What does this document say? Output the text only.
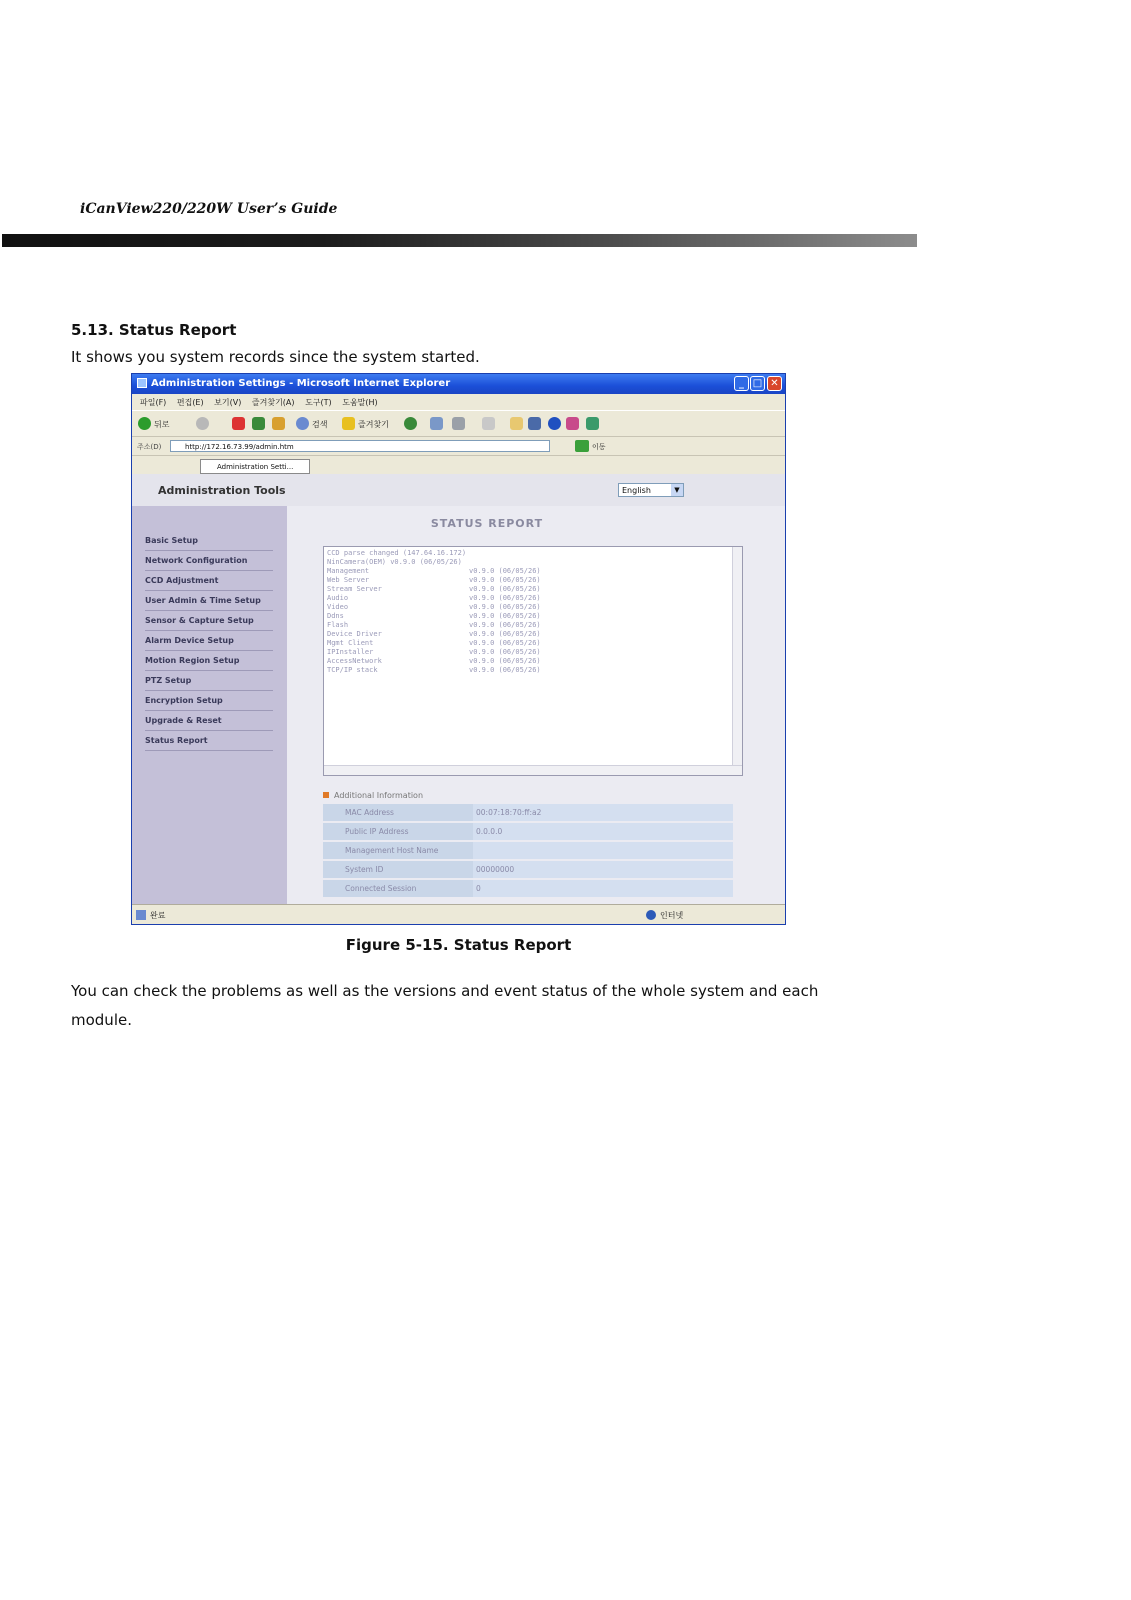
iCanView220/220W User’s Guide
5.13. Status Report
It shows you system records since the system started.
Administration Settings - Microsoft Internet Explorer	_ □ ✕
파일(F) 편집(E) 보기(V) 즐겨찾기(A) 도구(T) 도움말(H)
뒤로	검색	즐겨찾기
주소(D)	http://172.16.73.99/admin.htm	이동
Administration Setti...
Administration Tools	English	▼
Basic Setup
Network Configuration
CCD Adjustment
User Admin & Time Setup
Sensor & Capture Setup
Alarm Device Setup
Motion Region Setup
PTZ Setup
Encryption Setup
Upgrade & Reset
Status Report
STATUS REPORT
CCD parse changed (147.64.16.172)
NinCamera(OEM) v0.9.0 (06/05/26)
Management	v0.9.0 (06/05/26)
Web Server	v0.9.0 (06/05/26)
Stream Server	v0.9.0 (06/05/26)
Audio	v0.9.0 (06/05/26)
Video	v0.9.0 (06/05/26)
Ddns	v0.9.0 (06/05/26)
Flash	v0.9.0 (06/05/26)
Device Driver	v0.9.0 (06/05/26)
Mgmt Client	v0.9.0 (06/05/26)
IPInstaller	v0.9.0 (06/05/26)
AccessNetwork	v0.9.0 (06/05/26)
TCP/IP stack	v0.9.0 (06/05/26)
Additional Information
MAC Address	00:07:18:70:ff:a2
Public IP Address	0.0.0.0
Management Host Name	
System ID	00000000
Connected Session	0
완료	인터넷
Figure 5-15. Status Report
You can check the problems as well as the versions and event status of the whole system and each module.
